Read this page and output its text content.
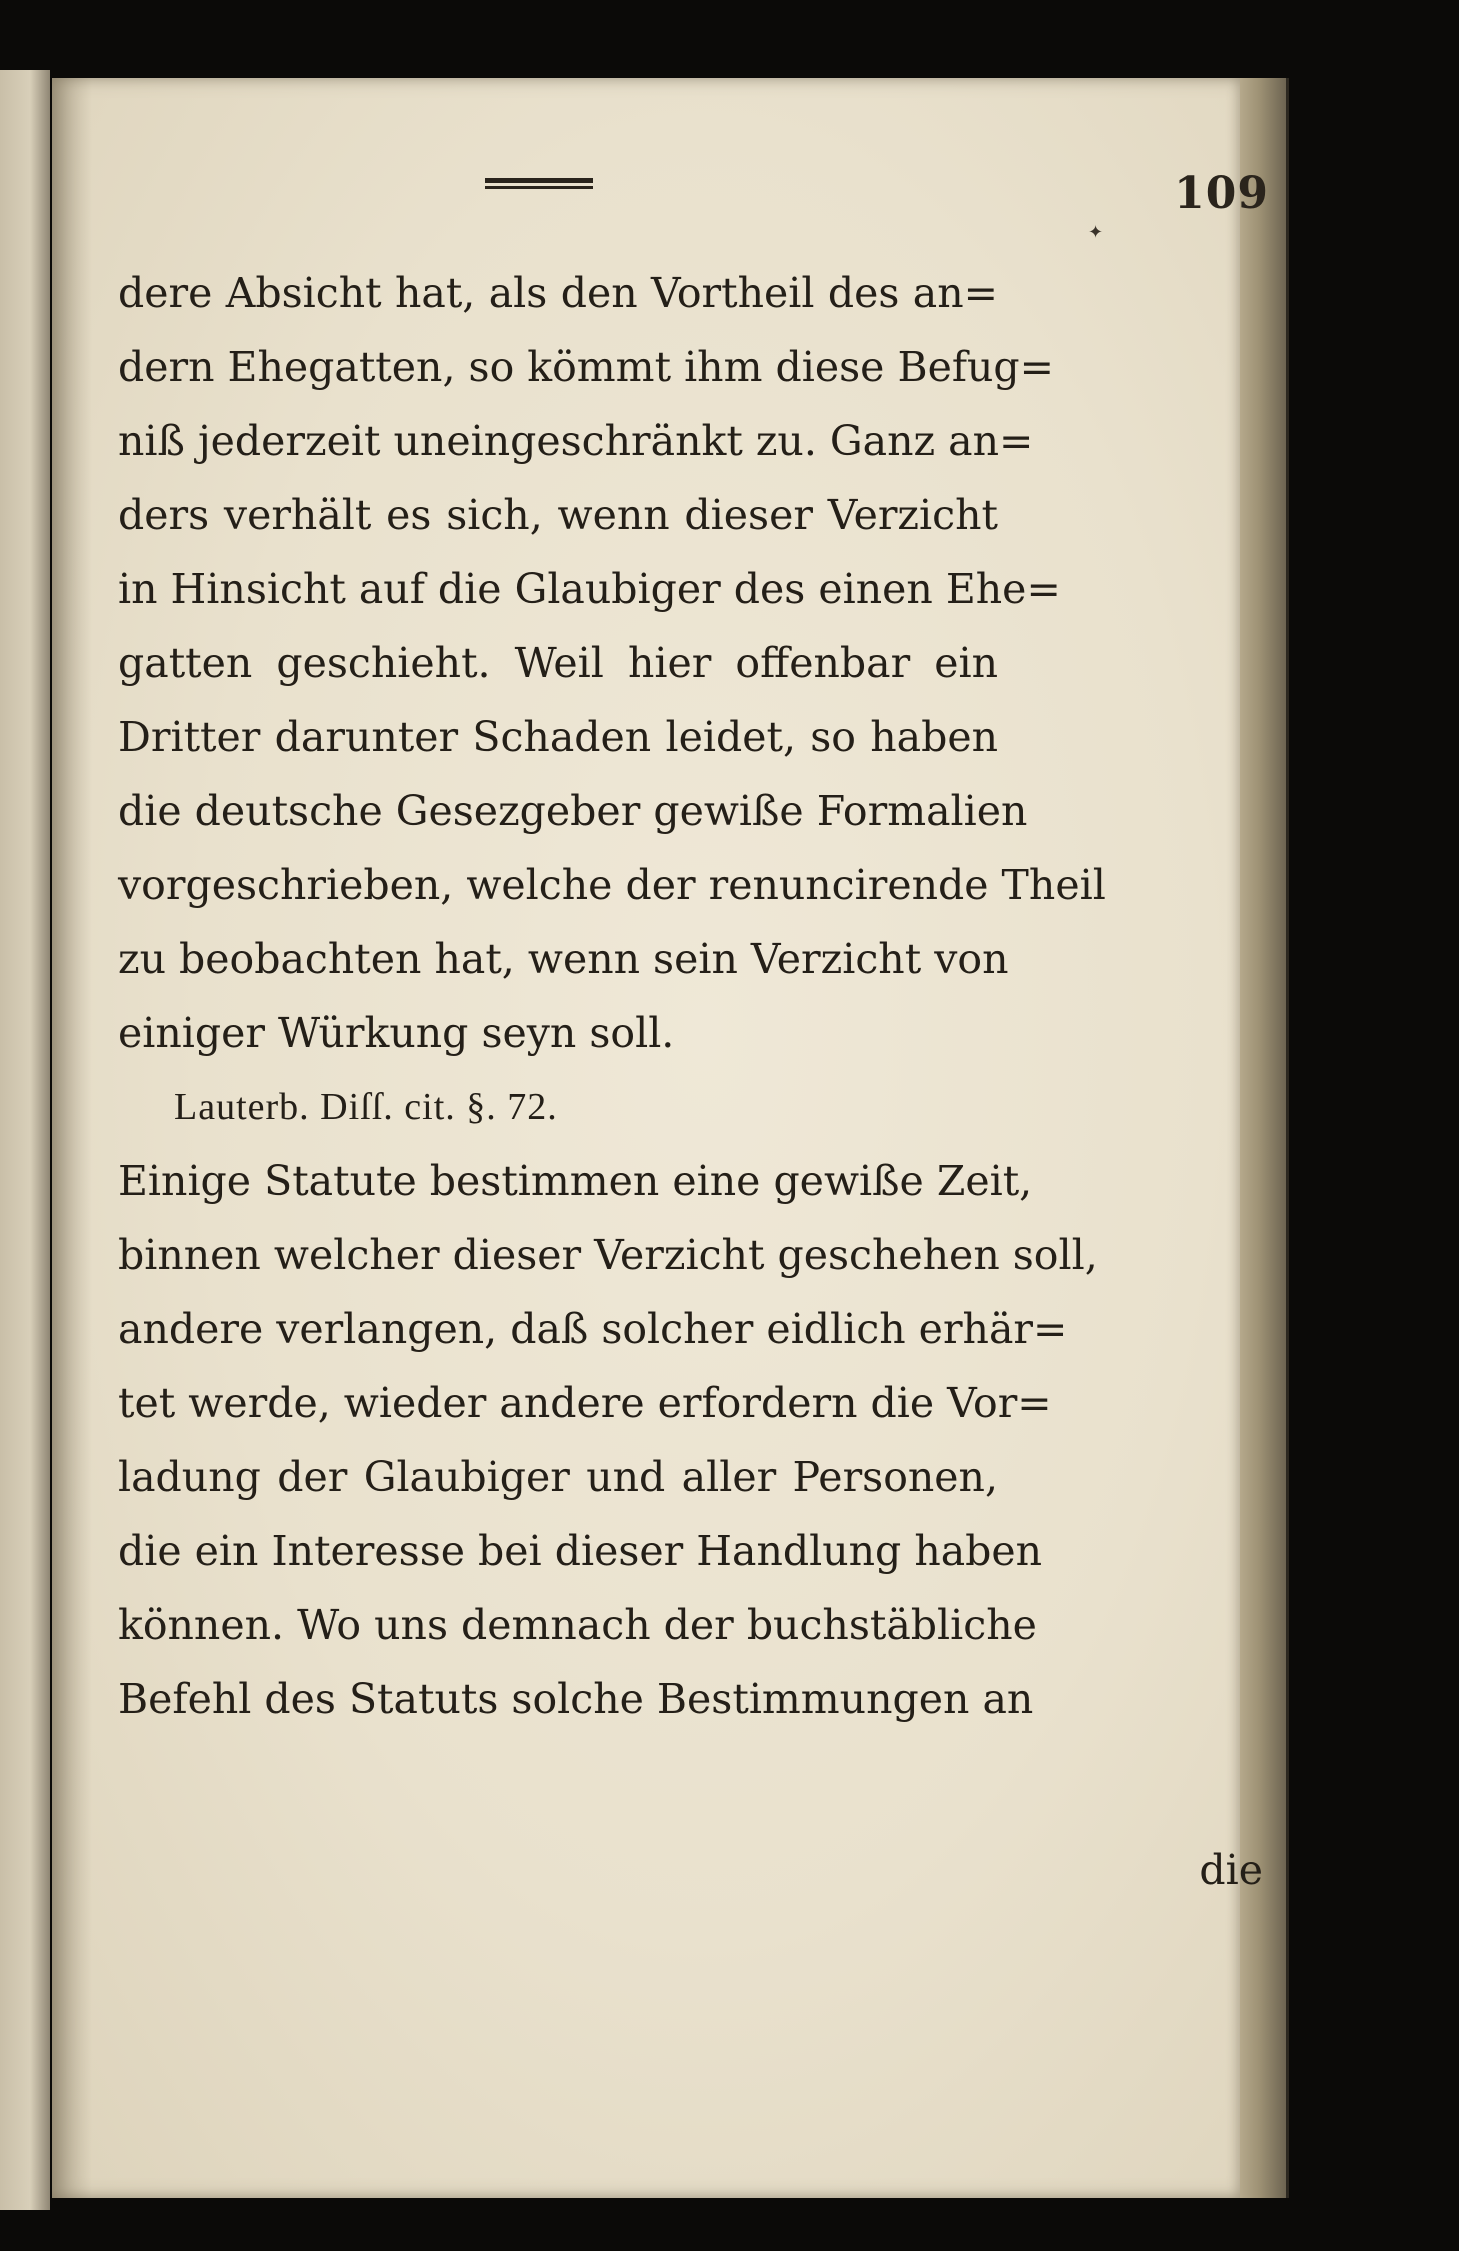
109
✦
dere Absicht hat, als den Vortheil des an=
dern Ehegatten, so kömmt ihm diese Befug=
niß jederzeit uneingeschränkt zu. Ganz an=
ders verhält es sich, wenn dieser Verzicht
in Hinsicht auf die Glaubiger des einen Ehe=
gatten geschieht. Weil hier offenbar ein
Dritter darunter Schaden leidet, so haben
die deutsche Gesezgeber gewiße Formalien
vorgeschrieben, welche der renuncirende Theil
zu beobachten hat, wenn sein Verzicht von
einiger Würkung seyn soll.
Lauterb. Diſſ. cit. §. 72.
Einige Statute bestimmen eine gewiße Zeit,
binnen welcher dieser Verzicht geschehen soll,
andere verlangen, daß solcher eidlich erhär=
tet werde, wieder andere erfordern die Vor=
ladung der Glaubiger und aller Personen,
die ein Interesse bei dieser Handlung haben
können. Wo uns demnach der buchstäbliche
Befehl des Statuts solche Bestimmungen an
die
